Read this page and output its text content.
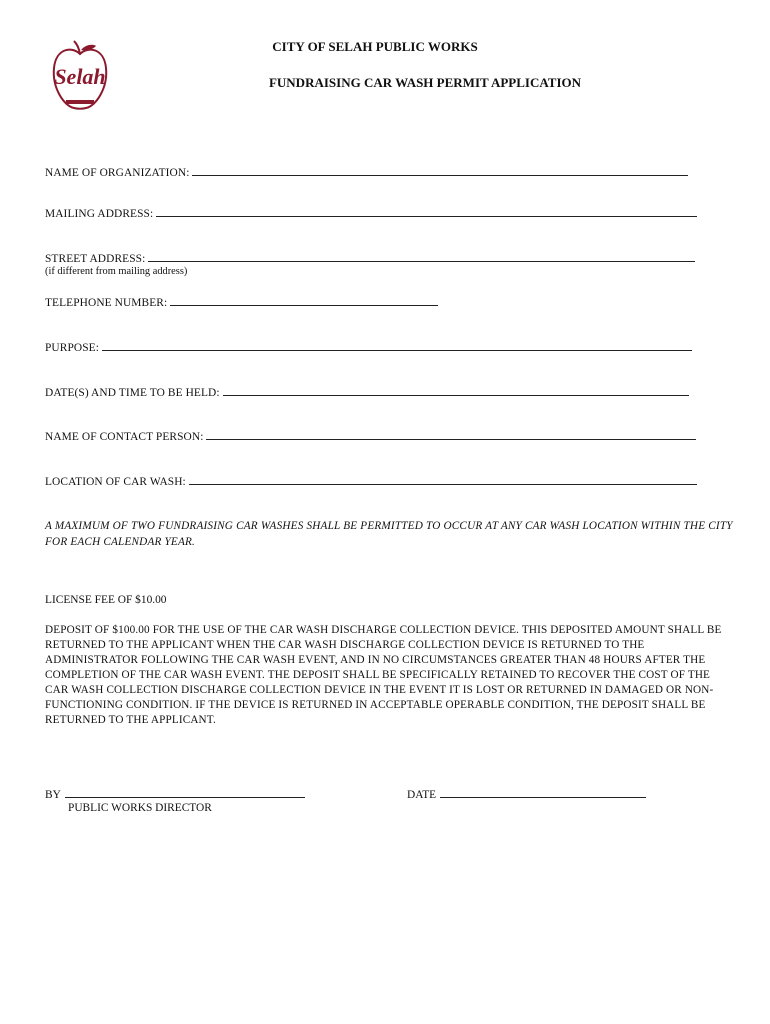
Selah
CITY OF SELAH PUBLIC WORKS
FUNDRAISING CAR WASH PERMIT APPLICATION
NAME OF ORGANIZATION:
MAILING ADDRESS:
STREET ADDRESS:
(if different from mailing address)
TELEPHONE NUMBER:
PURPOSE:
DATE(S) AND TIME TO BE HELD:
NAME OF CONTACT PERSON:
LOCATION OF CAR WASH:
A MAXIMUM OF TWO FUNDRAISING CAR WASHES SHALL BE PERMITTED TO OCCUR AT ANY CAR WASH LOCATION WITHIN THE CITY FOR EACH CALENDAR YEAR.
LICENSE FEE OF $10.00
DEPOSIT OF $100.00 FOR THE USE OF THE CAR WASH DISCHARGE COLLECTION DEVICE. THIS DEPOSITED AMOUNT SHALL BE RETURNED TO THE APPLICANT WHEN THE CAR WASH DISCHARGE COLLECTION DEVICE IS RETURNED TO THE ADMINISTRATOR FOLLOWING THE CAR WASH EVENT, AND IN NO CIRCUMSTANCES GREATER THAN 48 HOURS AFTER THE COMPLETION OF THE CAR WASH EVENT. THE DEPOSIT SHALL BE SPECIFICALLY RETAINED TO RECOVER THE COST OF THE CAR WASH COLLECTION DISCHARGE COLLECTION DEVICE IN THE EVENT IT IS LOST OR RETURNED IN DAMAGED OR NON-FUNCTIONING CONDITION. IF THE DEVICE IS RETURNED IN ACCEPTABLE OPERABLE CONDITION, THE DEPOSIT SHALL BE RETURNED TO THE APPLICANT.
BY	DATE
PUBLIC WORKS DIRECTOR
